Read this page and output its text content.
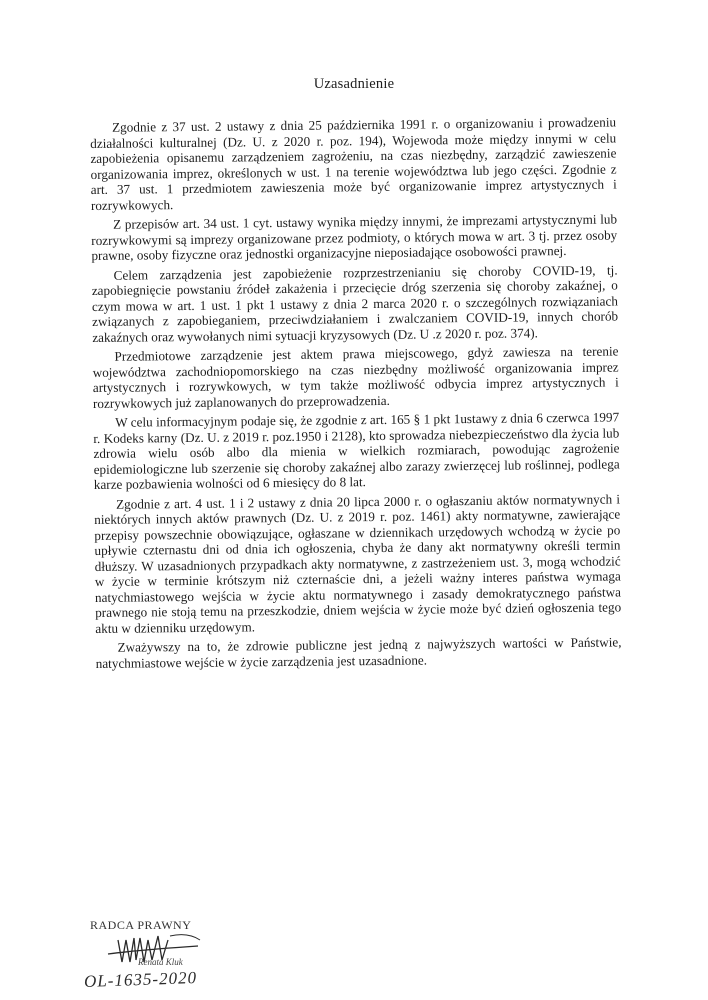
Uzasadnienie

Zgodnie z 37 ust. 2 ustawy z dnia 25 października 1991 r. o organizowaniu i prowadzeniu działalności kulturalnej (Dz. U. z 2020 r. poz. 194), Wojewoda może między innymi w celu zapobieżenia opisanemu zarządzeniem zagrożeniu, na czas niezbędny, zarządzić zawieszenie organizowania imprez, określonych w ust. 1 na terenie województwa lub jego części. Zgodnie z art. 37 ust. 1 przedmiotem zawieszenia może być organizowanie imprez artystycznych i rozrywkowych.

Z przepisów art. 34 ust. 1 cyt. ustawy wynika między innymi, że imprezami artystycznymi lub rozrywkowymi są imprezy organizowane przez podmioty, o których mowa w art. 3 tj. przez osoby prawne, osoby fizyczne oraz jednostki organizacyjne nieposiadające osobowości prawnej.

Celem zarządzenia jest zapobieżenie rozprzestrzenianiu się choroby COVID-19, tj. zapobiegnięcie powstaniu źródeł zakażenia i przecięcie dróg szerzenia się choroby zakaźnej, o czym mowa w art. 1 ust. 1 pkt 1 ustawy z dnia 2 marca 2020 r. o szczególnych rozwiązaniach związanych z zapobieganiem, przeciwdziałaniem i zwalczaniem COVID-19, innych chorób zakaźnych oraz wywołanych nimi sytuacji kryzysowych (Dz. U .z 2020 r. poz. 374).

Przedmiotowe zarządzenie jest aktem prawa miejscowego, gdyż zawiesza na terenie województwa zachodniopomorskiego na czas niezbędny możliwość organizowania imprez artystycznych i rozrywkowych, w tym także możliwość odbycia imprez artystycznych i rozrywkowych już zaplanowanych do przeprowadzenia.

W celu informacyjnym podaje się, że zgodnie z art. 165 § 1 pkt 1ustawy z dnia 6 czerwca 1997 r. Kodeks karny (Dz. U. z 2019 r. poz.1950 i 2128), kto sprowadza niebezpieczeństwo dla życia lub zdrowia wielu osób albo dla mienia w wielkich rozmiarach, powodując zagrożenie epidemiologiczne lub szerzenie się choroby zakaźnej albo zarazy zwierzęcej lub roślinnej, podlega karze pozbawienia wolności od 6 miesięcy do 8 lat.

Zgodnie z art. 4 ust. 1 i 2 ustawy z dnia 20 lipca 2000 r. o ogłaszaniu aktów normatywnych i niektórych innych aktów prawnych (Dz. U. z 2019 r. poz. 1461) akty normatywne, zawierające przepisy powszechnie obowiązujące, ogłaszane w dziennikach urzędowych wchodzą w życie po upływie czternastu dni od dnia ich ogłoszenia, chyba że dany akt normatywny określi termin dłuższy. W uzasadnionych przypadkach akty normatywne, z zastrzeżeniem ust. 3, mogą wchodzić w życie w terminie krótszym niż czternaście dni, a jeżeli ważny interes państwa wymaga natychmiastowego wejścia w życie aktu normatywnego i zasady demokratycznego państwa prawnego nie stoją temu na przeszkodzie, dniem wejścia w życie może być dzień ogłoszenia tego aktu w dzienniku urzędowym.

Zważywszy na to, że zdrowie publiczne jest jedną z najwyższych wartości w Państwie, natychmiastowe wejście w życie zarządzenia jest uzasadnione.

RADCA PRAWNY
Renata Kluk
OL-1635-2020
